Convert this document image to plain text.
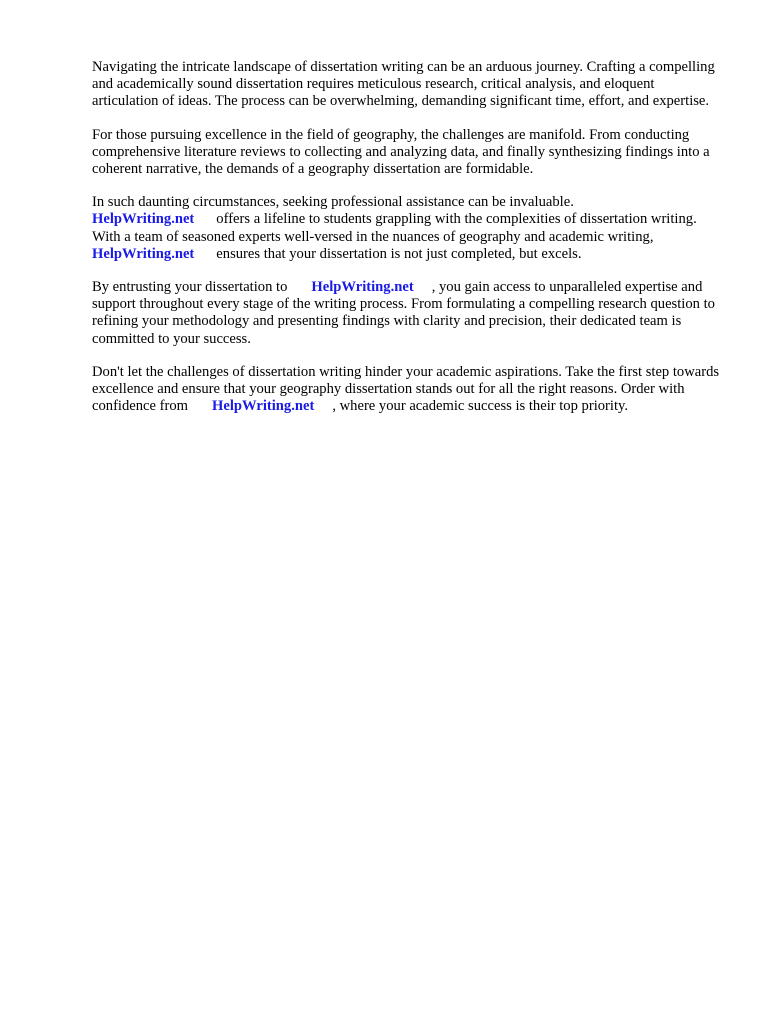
Navigating the intricate landscape of dissertation writing can be an arduous journey. Crafting a compelling and academically sound dissertation requires meticulous research, critical analysis, and eloquent articulation of ideas. The process can be overwhelming, demanding significant time, effort, and expertise.

For those pursuing excellence in the field of geography, the challenges are manifold. From conducting comprehensive literature reviews to collecting and analyzing data, and finally synthesizing findings into a coherent narrative, the demands of a geography dissertation are formidable.

In such daunting circumstances, seeking professional assistance can be invaluable.
HelpWriting.net offers a lifeline to students grappling with the complexities of dissertation writing. With a team of seasoned experts well-versed in the nuances of geography and academic writing,HelpWriting.net ensures that your dissertation is not just completed, but excels.

By entrusting your dissertation to HelpWriting.net , you gain access to unparalleled expertise and support throughout every stage of the writing process. From formulating a compelling research question to refining your methodology and presenting findings with clarity and precision, their dedicated team is committed to your success.

Don't let the challenges of dissertation writing hinder your academic aspirations. Take the first step towards excellence and ensure that your geography dissertation stands out for all the right reasons. Order with confidence from HelpWriting.net , where your academic success is their top priority.
